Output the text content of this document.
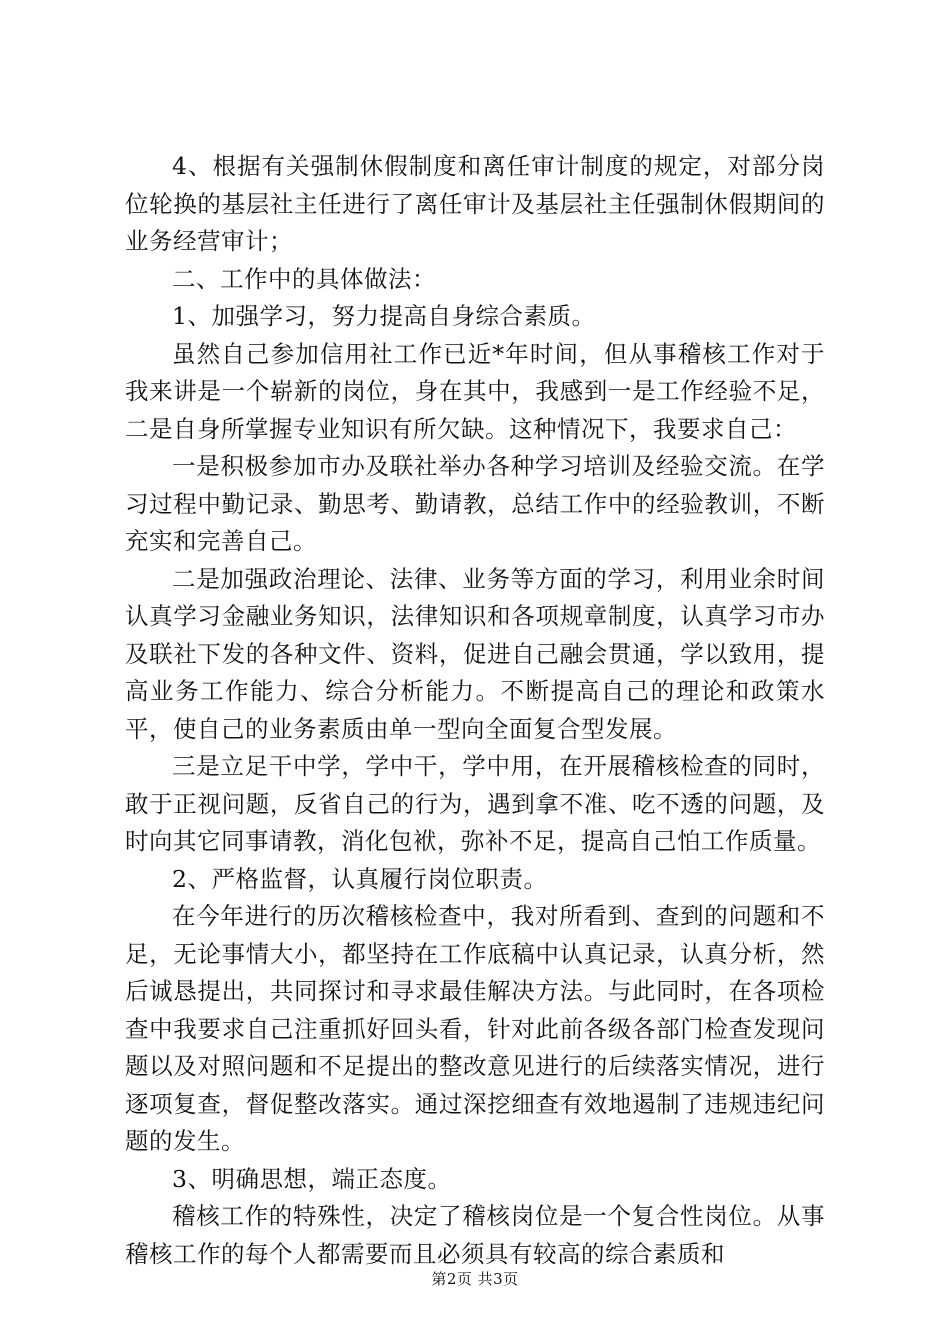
4、根据有关强制休假制度和离任审计制度的规定，对部分岗位轮换的基层社主任进行了离任审计及基层社主任强制休假期间的业务经营审计；

二、工作中的具体做法：

1、加强学习，努力提高自身综合素质。

虽然自己参加信用社工作已近*年时间，但从事稽核工作对于我来讲是一个崭新的岗位，身在其中，我感到一是工作经验不足，二是自身所掌握专业知识有所欠缺。这种情况下，我要求自己：

一是积极参加市办及联社举办各种学习培训及经验交流。在学习过程中勤记录、勤思考、勤请教，总结工作中的经验教训，不断充实和完善自己。

二是加强政治理论、法律、业务等方面的学习，利用业余时间认真学习金融业务知识，法律知识和各项规章制度，认真学习市办及联社下发的各种文件、资料，促进自己融会贯通，学以致用，提高业务工作能力、综合分析能力。不断提高自己的理论和政策水平，使自己的业务素质由单一型向全面复合型发展。

三是立足干中学，学中干，学中用，在开展稽核检查的同时，敢于正视问题，反省自己的行为，遇到拿不准、吃不透的问题，及时向其它同事请教，消化包袱，弥补不足，提高自己怕工作质量。

2、严格监督，认真履行岗位职责。

在今年进行的历次稽核检查中，我对所看到、查到的问题和不足，无论事情大小，都坚持在工作底稿中认真记录，认真分析，然后诚恳提出，共同探讨和寻求最佳解决方法。与此同时，在各项检查中我要求自己注重抓好回头看，针对此前各级各部门检查发现问题以及对照问题和不足提出的整改意见进行的后续落实情况，进行逐项复查，督促整改落实。通过深挖细查有效地遏制了违规违纪问题的发生。

3、明确思想，端正态度。

稽核工作的特殊性，决定了稽核岗位是一个复合性岗位。从事稽核工作的每个人都需要而且必须具有较高的综合素质和

第2页 共3页
